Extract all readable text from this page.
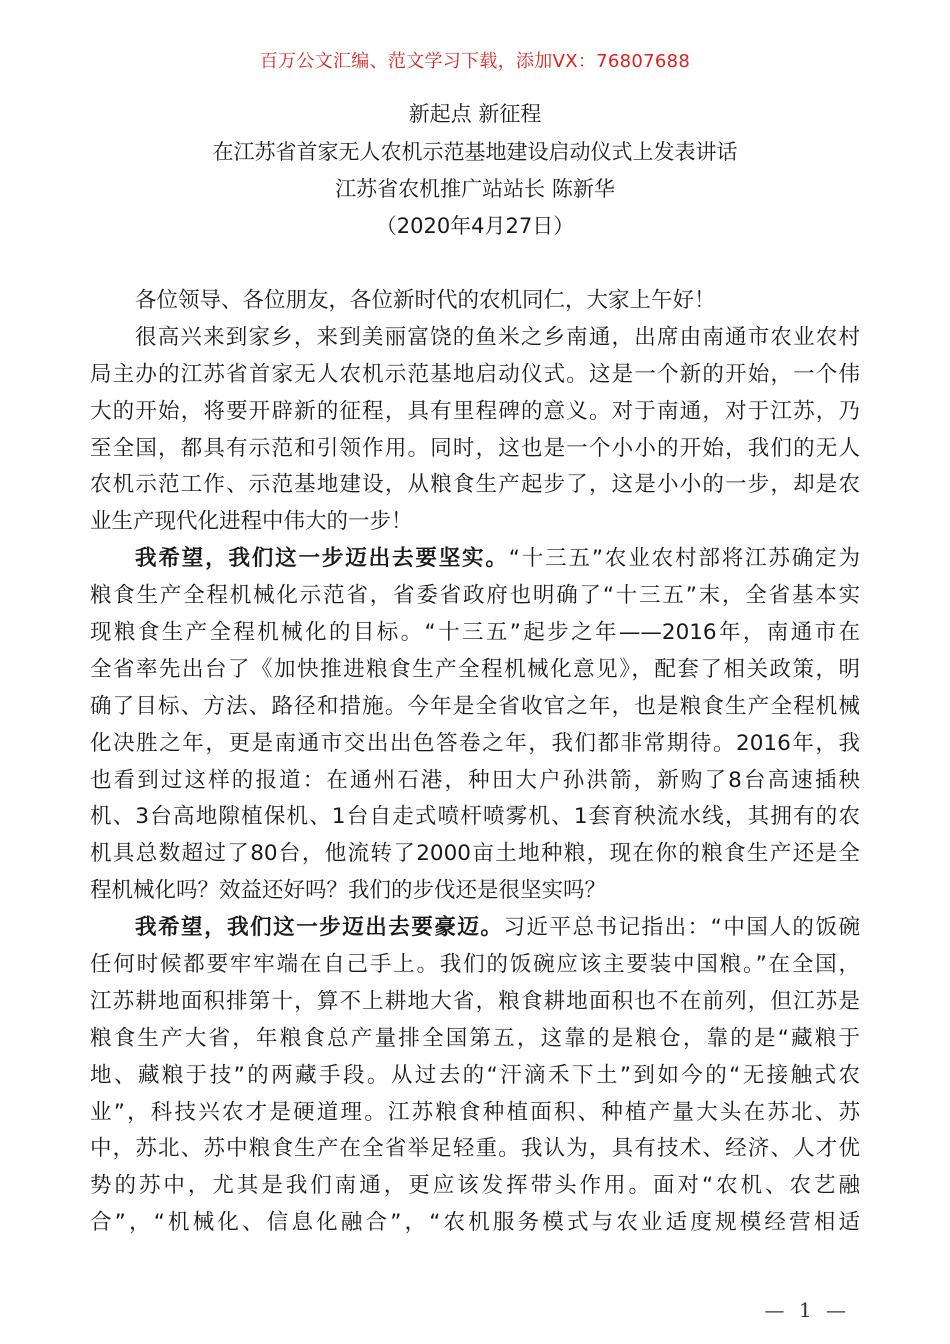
百万公文汇编、范文学习下载，添加VX：76807688
新起点 新征程
在江苏省首家无人农机示范基地建设启动仪式上发表讲话
江苏省农机推广站站长 陈新华
（2020年4月27日）
各位领导、各位朋友，各位新时代的农机同仁，大家上午好！
很高兴来到家乡，来到美丽富饶的鱼米之乡南通，出席由南通市农业农村
局主办的江苏省首家无人农机示范基地启动仪式。这是一个新的开始，一个伟
大的开始，将要开辟新的征程，具有里程碑的意义。对于南通，对于江苏，乃
至全国，都具有示范和引领作用。同时，这也是一个小小的开始，我们的无人
农机示范工作、示范基地建设，从粮食生产起步了，这是小小的一步，却是农
业生产现代化进程中伟大的一步！
我希望，我们这一步迈出去要坚实。“十三五”农业农村部将江苏确定为
粮食生产全程机械化示范省，省委省政府也明确了“十三五”末，全省基本实
现粮食生产全程机械化的目标。“十三五”起步之年——2016年，南通市在
全省率先出台了《加快推进粮食生产全程机械化意见》，配套了相关政策，明
确了目标、方法、路径和措施。今年是全省收官之年，也是粮食生产全程机械
化决胜之年，更是南通市交出出色答卷之年，我们都非常期待。2016年，我
也看到过这样的报道：在通州石港，种田大户孙洪箭，新购了8台高速插秧
机、3台高地隙植保机、1台自走式喷杆喷雾机、1套育秧流水线，其拥有的农
机具总数超过了80台，他流转了2000亩土地种粮，现在你的粮食生产还是全
程机械化吗？效益还好吗？我们的步伐还是很坚实吗？
我希望，我们这一步迈出去要豪迈。习近平总书记指出：“中国人的饭碗
任何时候都要牢牢端在自己手上。我们的饭碗应该主要装中国粮。”在全国，
江苏耕地面积排第十，算不上耕地大省，粮食耕地面积也不在前列，但江苏是
粮食生产大省，年粮食总产量排全国第五，这靠的是粮仓，靠的是“藏粮于
地、藏粮于技”的两藏手段。从过去的“汗滴禾下土”到如今的“无接触式农
业”，科技兴农才是硬道理。江苏粮食种植面积、种植产量大头在苏北、苏
中，苏北、苏中粮食生产在全省举足轻重。我认为，具有技术、经济、人才优
势的苏中，尤其是我们南通，更应该发挥带头作用。面对“农机、农艺融
合”，“机械化、信息化融合”，“农机服务模式与农业适度规模经营相适
— 1 —
